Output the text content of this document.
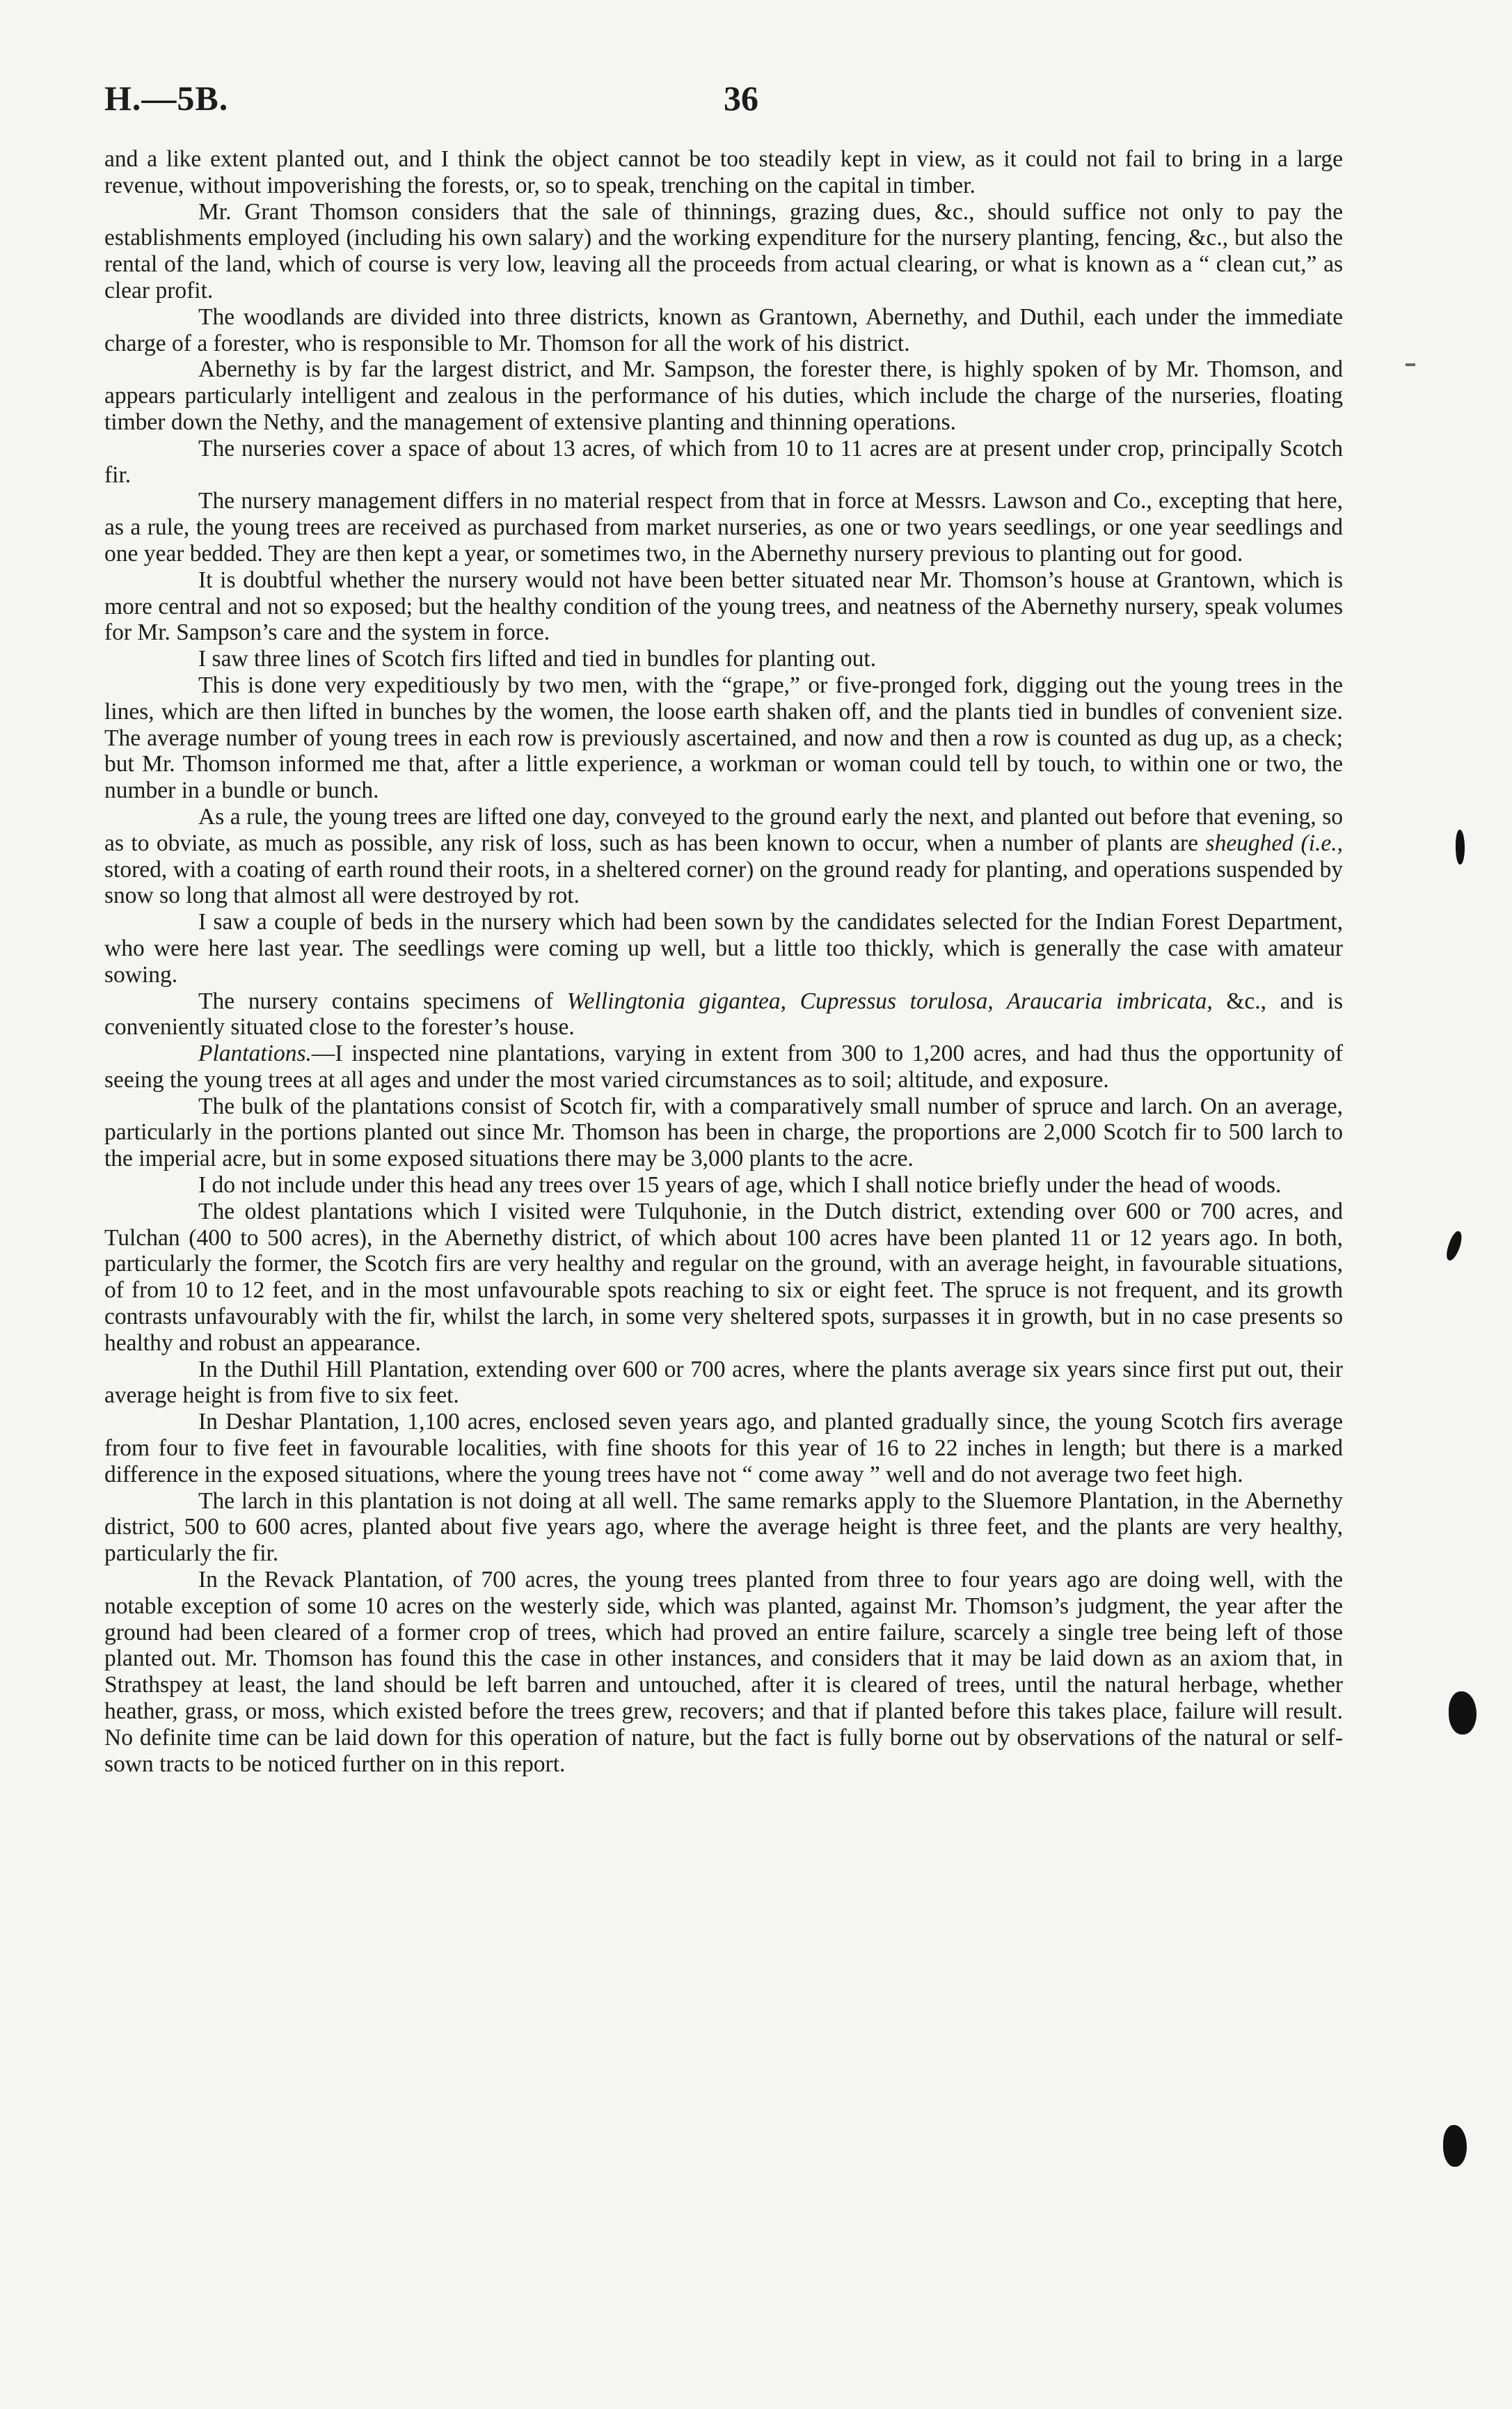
H.—5B.	36

and a like extent planted out, and I think the object cannot be too steadily kept in view, as it could not fail to bring in a large revenue, without impoverishing the forests, or, so to speak, trenching on the capital in timber.

Mr. Grant Thomson considers that the sale of thinnings, grazing dues, &c., should suffice not only to pay the establishments employed (including his own salary) and the working expenditure for the nursery planting, fencing, &c., but also the rental of the land, which of course is very low, leaving all the proceeds from actual clearing, or what is known as a “ clean cut,” as clear profit.

The woodlands are divided into three districts, known as Grantown, Abernethy, and Duthil, each under the immediate charge of a forester, who is responsible to Mr. Thomson for all the work of his district.

Abernethy is by far the largest district, and Mr. Sampson, the forester there, is highly spoken of by Mr. Thomson, and appears particularly intelligent and zealous in the performance of his duties, which include the charge of the nurseries, floating timber down the Nethy, and the management of extensive planting and thinning operations.

The nurseries cover a space of about 13 acres, of which from 10 to 11 acres are at present under crop, principally Scotch fir.

The nursery management differs in no material respect from that in force at Messrs. Lawson and Co., excepting that here, as a rule, the young trees are received as purchased from market nurseries, as one or two years seedlings, or one year seedlings and one year bedded. They are then kept a year, or sometimes two, in the Abernethy nursery previous to planting out for good.

It is doubtful whether the nursery would not have been better situated near Mr. Thomson’s house at Grantown, which is more central and not so exposed; but the healthy condition of the young trees, and neatness of the Abernethy nursery, speak volumes for Mr. Sampson’s care and the system in force.

I saw three lines of Scotch firs lifted and tied in bundles for planting out.

This is done very expeditiously by two men, with the “grape,” or five-pronged fork, digging out the young trees in the lines, which are then lifted in bunches by the women, the loose earth shaken off, and the plants tied in bundles of convenient size. The average number of young trees in each row is previously ascertained, and now and then a row is counted as dug up, as a check; but Mr. Thomson informed me that, after a little experience, a workman or woman could tell by touch, to within one or two, the number in a bundle or bunch.

As a rule, the young trees are lifted one day, conveyed to the ground early the next, and planted out before that evening, so as to obviate, as much as possible, any risk of loss, such as has been known to occur, when a number of plants are sheughed (i.e., stored, with a coating of earth round their roots, in a sheltered corner) on the ground ready for planting, and operations suspended by snow so long that almost all were destroyed by rot.

I saw a couple of beds in the nursery which had been sown by the candidates selected for the Indian Forest Department, who were here last year. The seedlings were coming up well, but a little too thickly, which is generally the case with amateur sowing.

The nursery contains specimens of Wellingtonia gigantea, Cupressus torulosa, Araucaria imbricata, &c., and is conveniently situated close to the forester’s house.

Plantations.—I inspected nine plantations, varying in extent from 300 to 1,200 acres, and had thus the opportunity of seeing the young trees at all ages and under the most varied circumstances as to soil; altitude, and exposure.

The bulk of the plantations consist of Scotch fir, with a comparatively small number of spruce and larch. On an average, particularly in the portions planted out since Mr. Thomson has been in charge, the proportions are 2,000 Scotch fir to 500 larch to the imperial acre, but in some exposed situations there may be 3,000 plants to the acre.

I do not include under this head any trees over 15 years of age, which I shall notice briefly under the head of woods.

The oldest plantations which I visited were Tulquhonie, in the Dutch district, extending over 600 or 700 acres, and Tulchan (400 to 500 acres), in the Abernethy district, of which about 100 acres have been planted 11 or 12 years ago. In both, particularly the former, the Scotch firs are very healthy and regular on the ground, with an average height, in favourable situations, of from 10 to 12 feet, and in the most unfavourable spots reaching to six or eight feet. The spruce is not frequent, and its growth contrasts unfavourably with the fir, whilst the larch, in some very sheltered spots, surpasses it in growth, but in no case presents so healthy and robust an appearance.

In the Duthil Hill Plantation, extending over 600 or 700 acres, where the plants average six years since first put out, their average height is from five to six feet.

In Deshar Plantation, 1,100 acres, enclosed seven years ago, and planted gradually since, the young Scotch firs average from four to five feet in favourable localities, with fine shoots for this year of 16 to 22 inches in length; but there is a marked difference in the exposed situations, where the young trees have not “ come away ” well and do not average two feet high.

The larch in this plantation is not doing at all well. The same remarks apply to the Sluemore Plantation, in the Abernethy district, 500 to 600 acres, planted about five years ago, where the average height is three feet, and the plants are very healthy, particularly the fir.

In the Revack Plantation, of 700 acres, the young trees planted from three to four years ago are doing well, with the notable exception of some 10 acres on the westerly side, which was planted, against Mr. Thomson’s judgment, the year after the ground had been cleared of a former crop of trees, which had proved an entire failure, scarcely a single tree being left of those planted out. Mr. Thomson has found this the case in other instances, and considers that it may be laid down as an axiom that, in Strathspey at least, the land should be left barren and untouched, after it is cleared of trees, until the natural herbage, whether heather, grass, or moss, which existed before the trees grew, recovers; and that if planted before this takes place, failure will result. No definite time can be laid down for this operation of nature, but the fact is fully borne out by observations of the natural or self-sown tracts to be noticed further on in this report.
